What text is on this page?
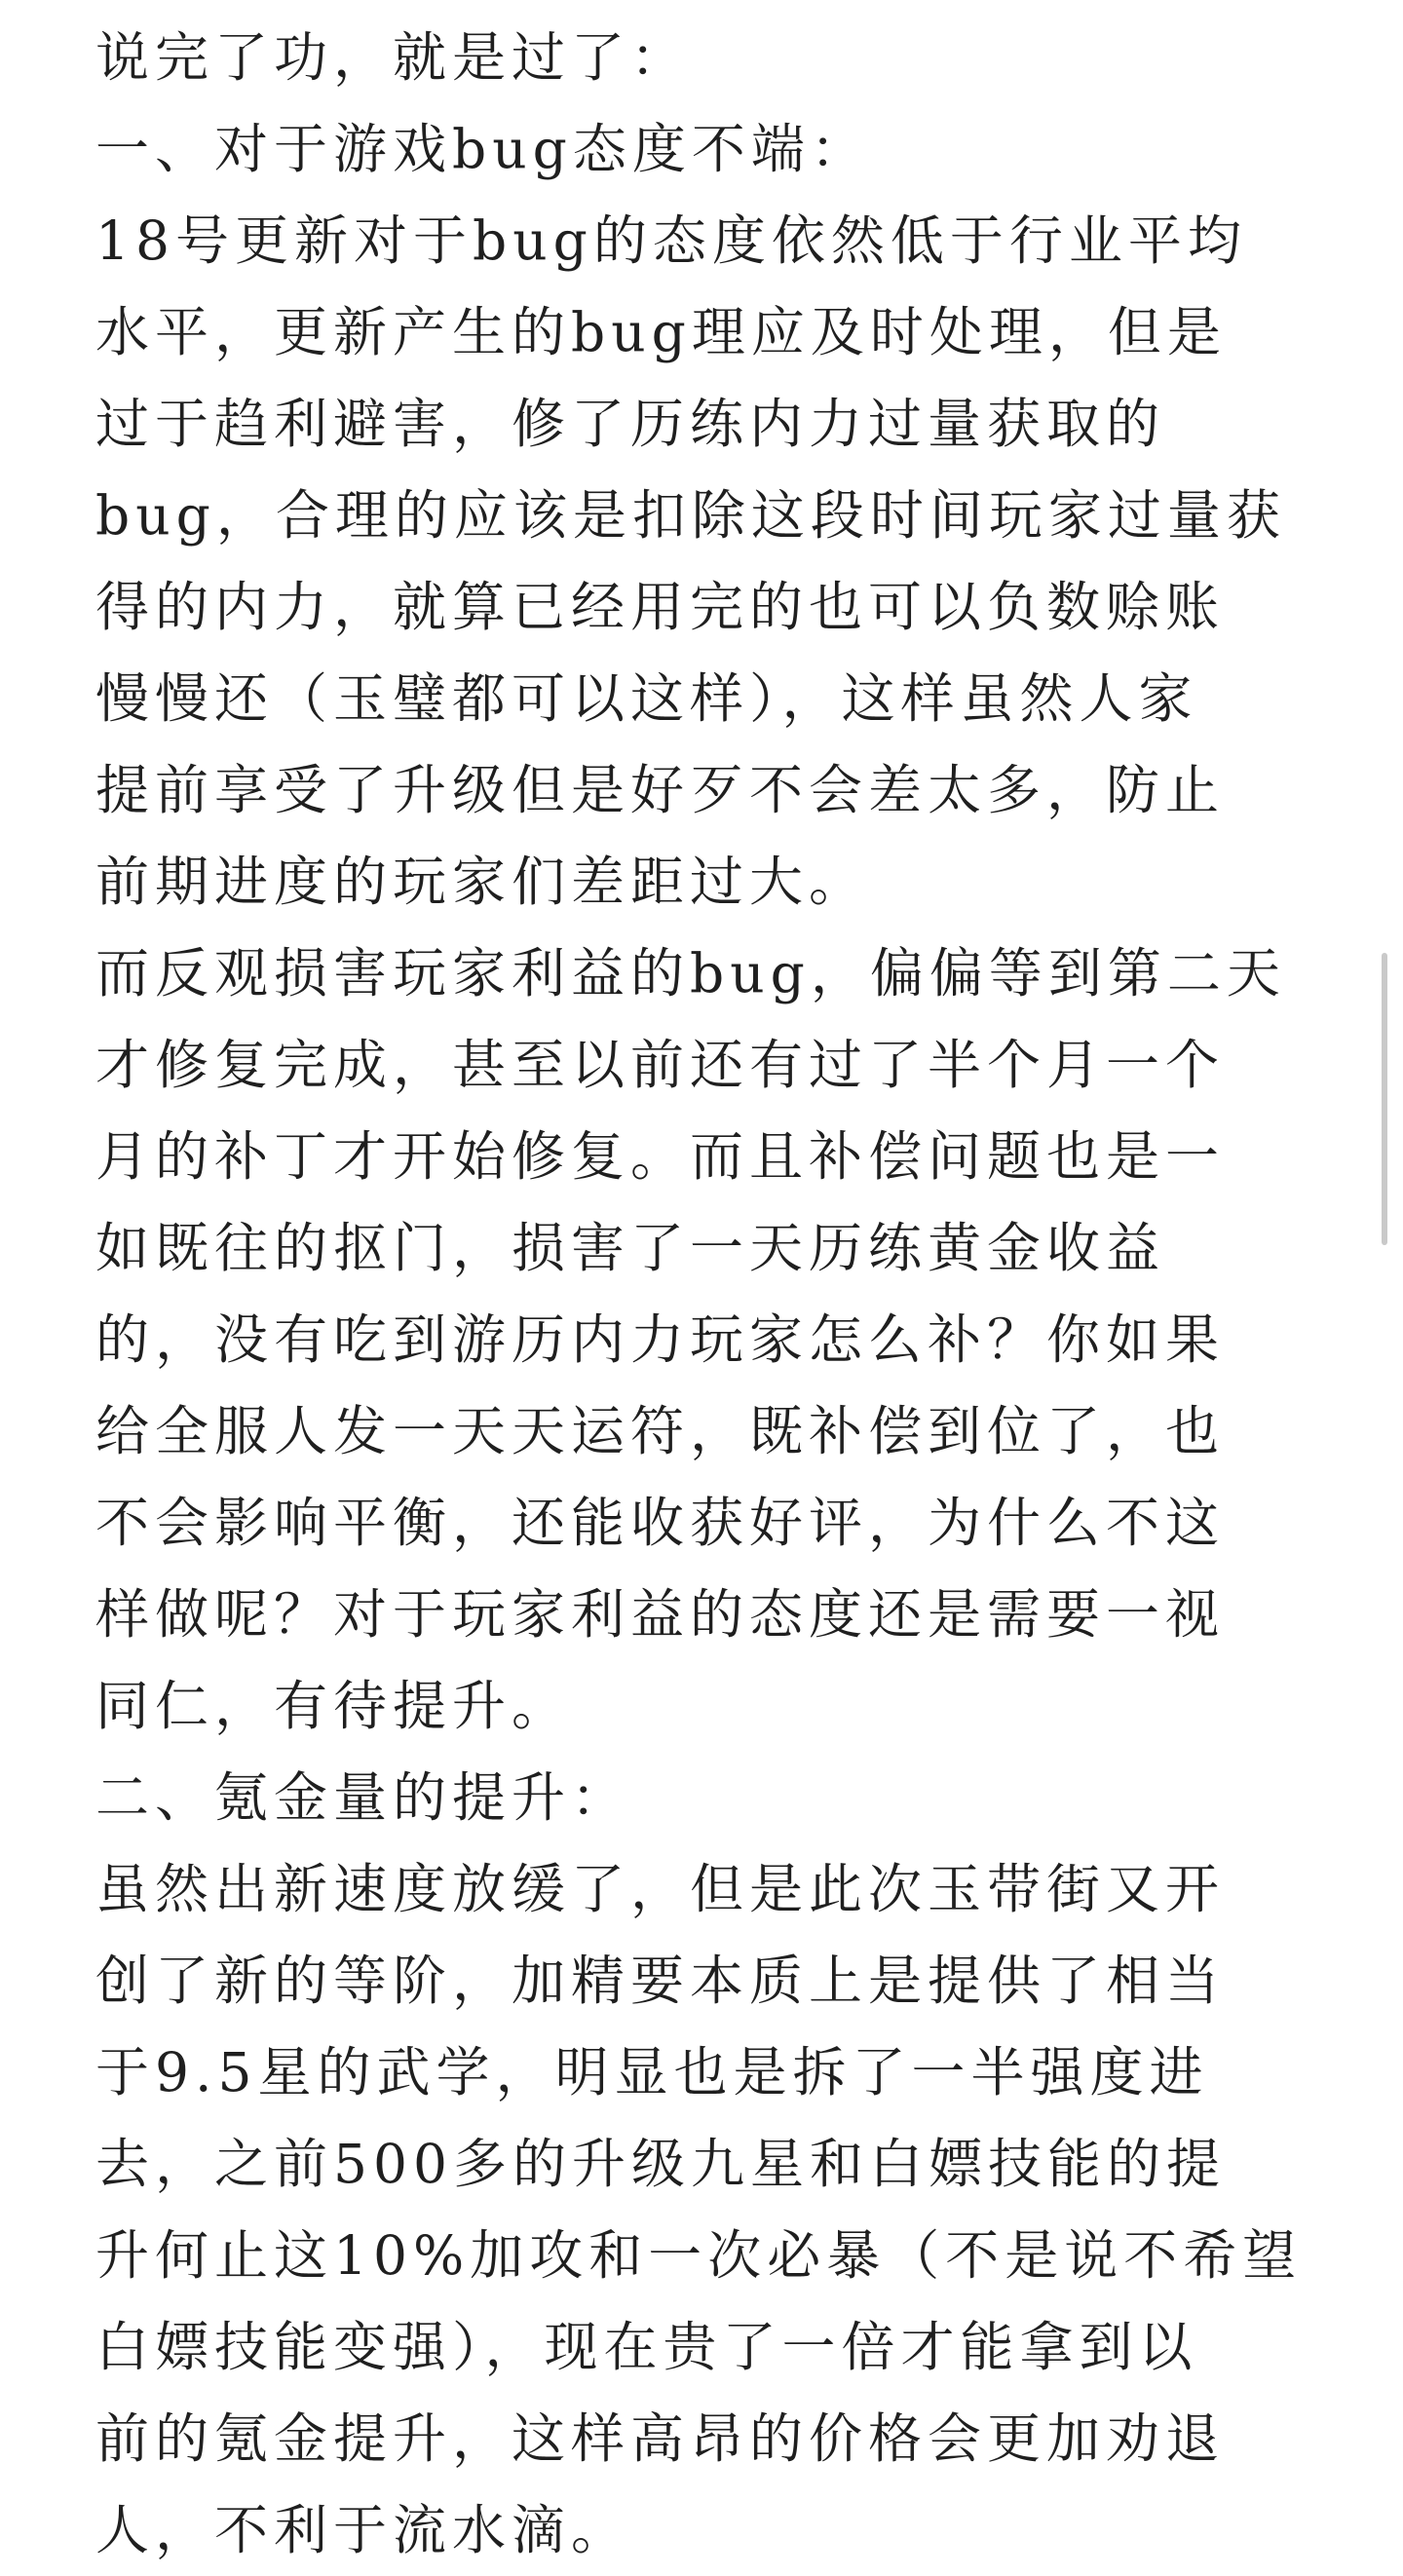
说完了功，就是过了：
一、对于游戏bug态度不端：
18号更新对于bug的态度依然低于行业平均
水平，更新产生的bug理应及时处理，但是
过于趋利避害，修了历练内力过量获取的
bug，合理的应该是扣除这段时间玩家过量获
得的内力，就算已经用完的也可以负数赊账
慢慢还（玉璧都可以这样），这样虽然人家
提前享受了升级但是好歹不会差太多，防止
前期进度的玩家们差距过大。
而反观损害玩家利益的bug，偏偏等到第二天
才修复完成，甚至以前还有过了半个月一个
月的补丁才开始修复。而且补偿问题也是一
如既往的抠门，损害了一天历练黄金收益
的，没有吃到游历内力玩家怎么补？你如果
给全服人发一天天运符，既补偿到位了，也
不会影响平衡，还能收获好评，为什么不这
样做呢？对于玩家利益的态度还是需要一视
同仁，有待提升。
二、氪金量的提升：
虽然出新速度放缓了，但是此次玉带街又开
创了新的等阶，加精要本质上是提供了相当
于9.5星的武学，明显也是拆了一半强度进
去，之前500多的升级九星和白嫖技能的提
升何止这10%加攻和一次必暴（不是说不希望
白嫖技能变强），现在贵了一倍才能拿到以
前的氪金提升，这样高昂的价格会更加劝退
人，不利于流水滴。
